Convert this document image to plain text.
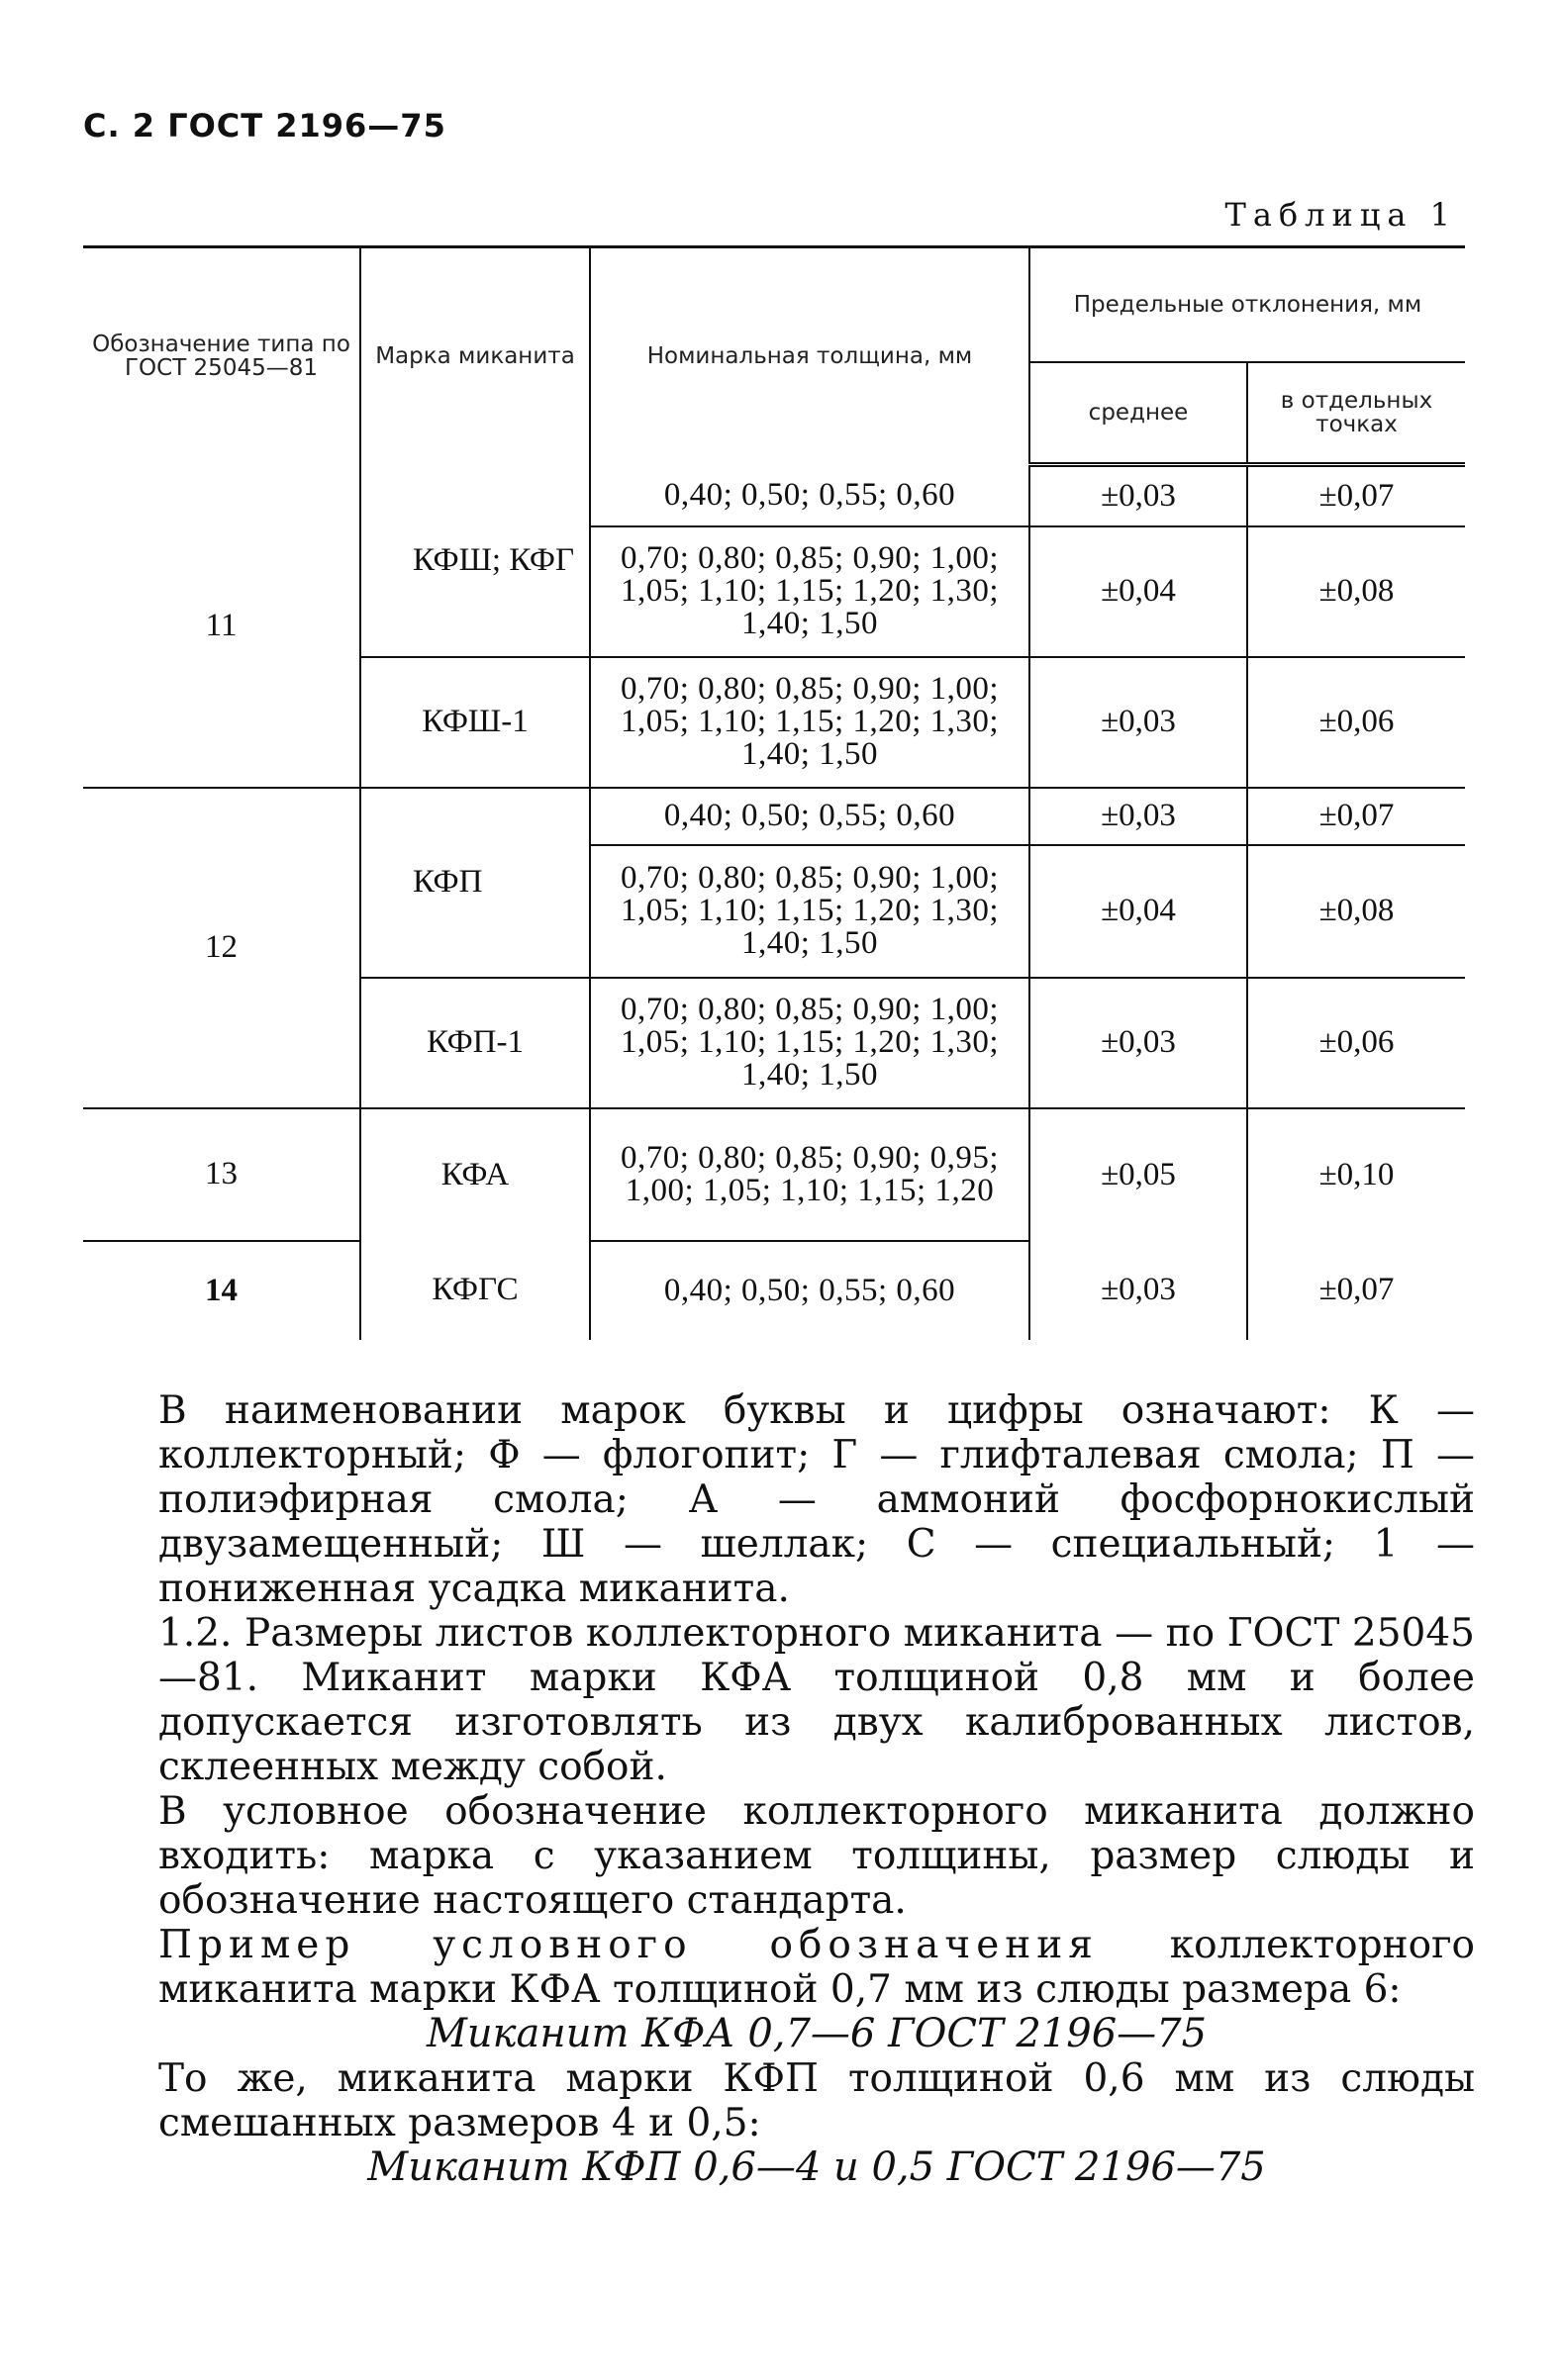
С. 2 ГОСТ 2196—75
Таблица 1
Обозначение типа по ГОСТ 25045—81	Марка миканита	Номинальная толщина, мм	Предельные отклонения, мм	
			среднее	в отдельных точках
11	КФШ; КФГ	0,40; 0,50; 0,55; 0,60	±0,03	±0,07
		0,70; 0,80; 0,85; 0,90; 1,00; 1,05; 1,10; 1,15; 1,20; 1,30; 1,40; 1,50	±0,04	±0,08
	КФШ-1	0,70; 0,80; 0,85; 0,90; 1,00; 1,05; 1,10; 1,15; 1,20; 1,30; 1,40; 1,50	±0,03	±0,06
12	КФП	0,40; 0,50; 0,55; 0,60	±0,03	±0,07
		0,70; 0,80; 0,85; 0,90; 1,00; 1,05; 1,10; 1,15; 1,20; 1,30; 1,40; 1,50	±0,04	±0,08
	КФП-1	0,70; 0,80; 0,85; 0,90; 1,00; 1,05; 1,10; 1,15; 1,20; 1,30; 1,40; 1,50	±0,03	±0,06
13	КФА	0,70; 0,80; 0,85; 0,90; 0,95; 1,00; 1,05; 1,10; 1,15; 1,20	±0,05	±0,10
14	КФГС	0,40; 0,50; 0,55; 0,60	±0,03	±0,07

В наименовании марок буквы и цифры означают: К — коллекторный; Ф — флогопит; Г — глифталевая смола; П — полиэфирная смола; А — аммоний фосфорнокислый двузамещенный; Ш — шеллак; С — специальный; 1 — пониженная усадка миканита.

1.2. Размеры листов коллекторного миканита — по ГОСТ 25045—81. Миканит марки КФА толщиной 0,8 мм и более допускается изготовлять из двух калиброванных листов, склеенных между собой.

В условное обозначение коллекторного миканита должно входить: марка с указанием толщины, размер слюды и обозначение настоящего стандарта.

Пример условного обозначения коллекторного миканита марки КФА толщиной 0,7 мм из слюды размера 6:

Миканит КФА 0,7—6 ГОСТ 2196—75

То же, миканита марки КФП толщиной 0,6 мм из слюды смешанных размеров 4 и 0,5:

Миканит КФП 0,6—4 и 0,5 ГОСТ 2196—75
